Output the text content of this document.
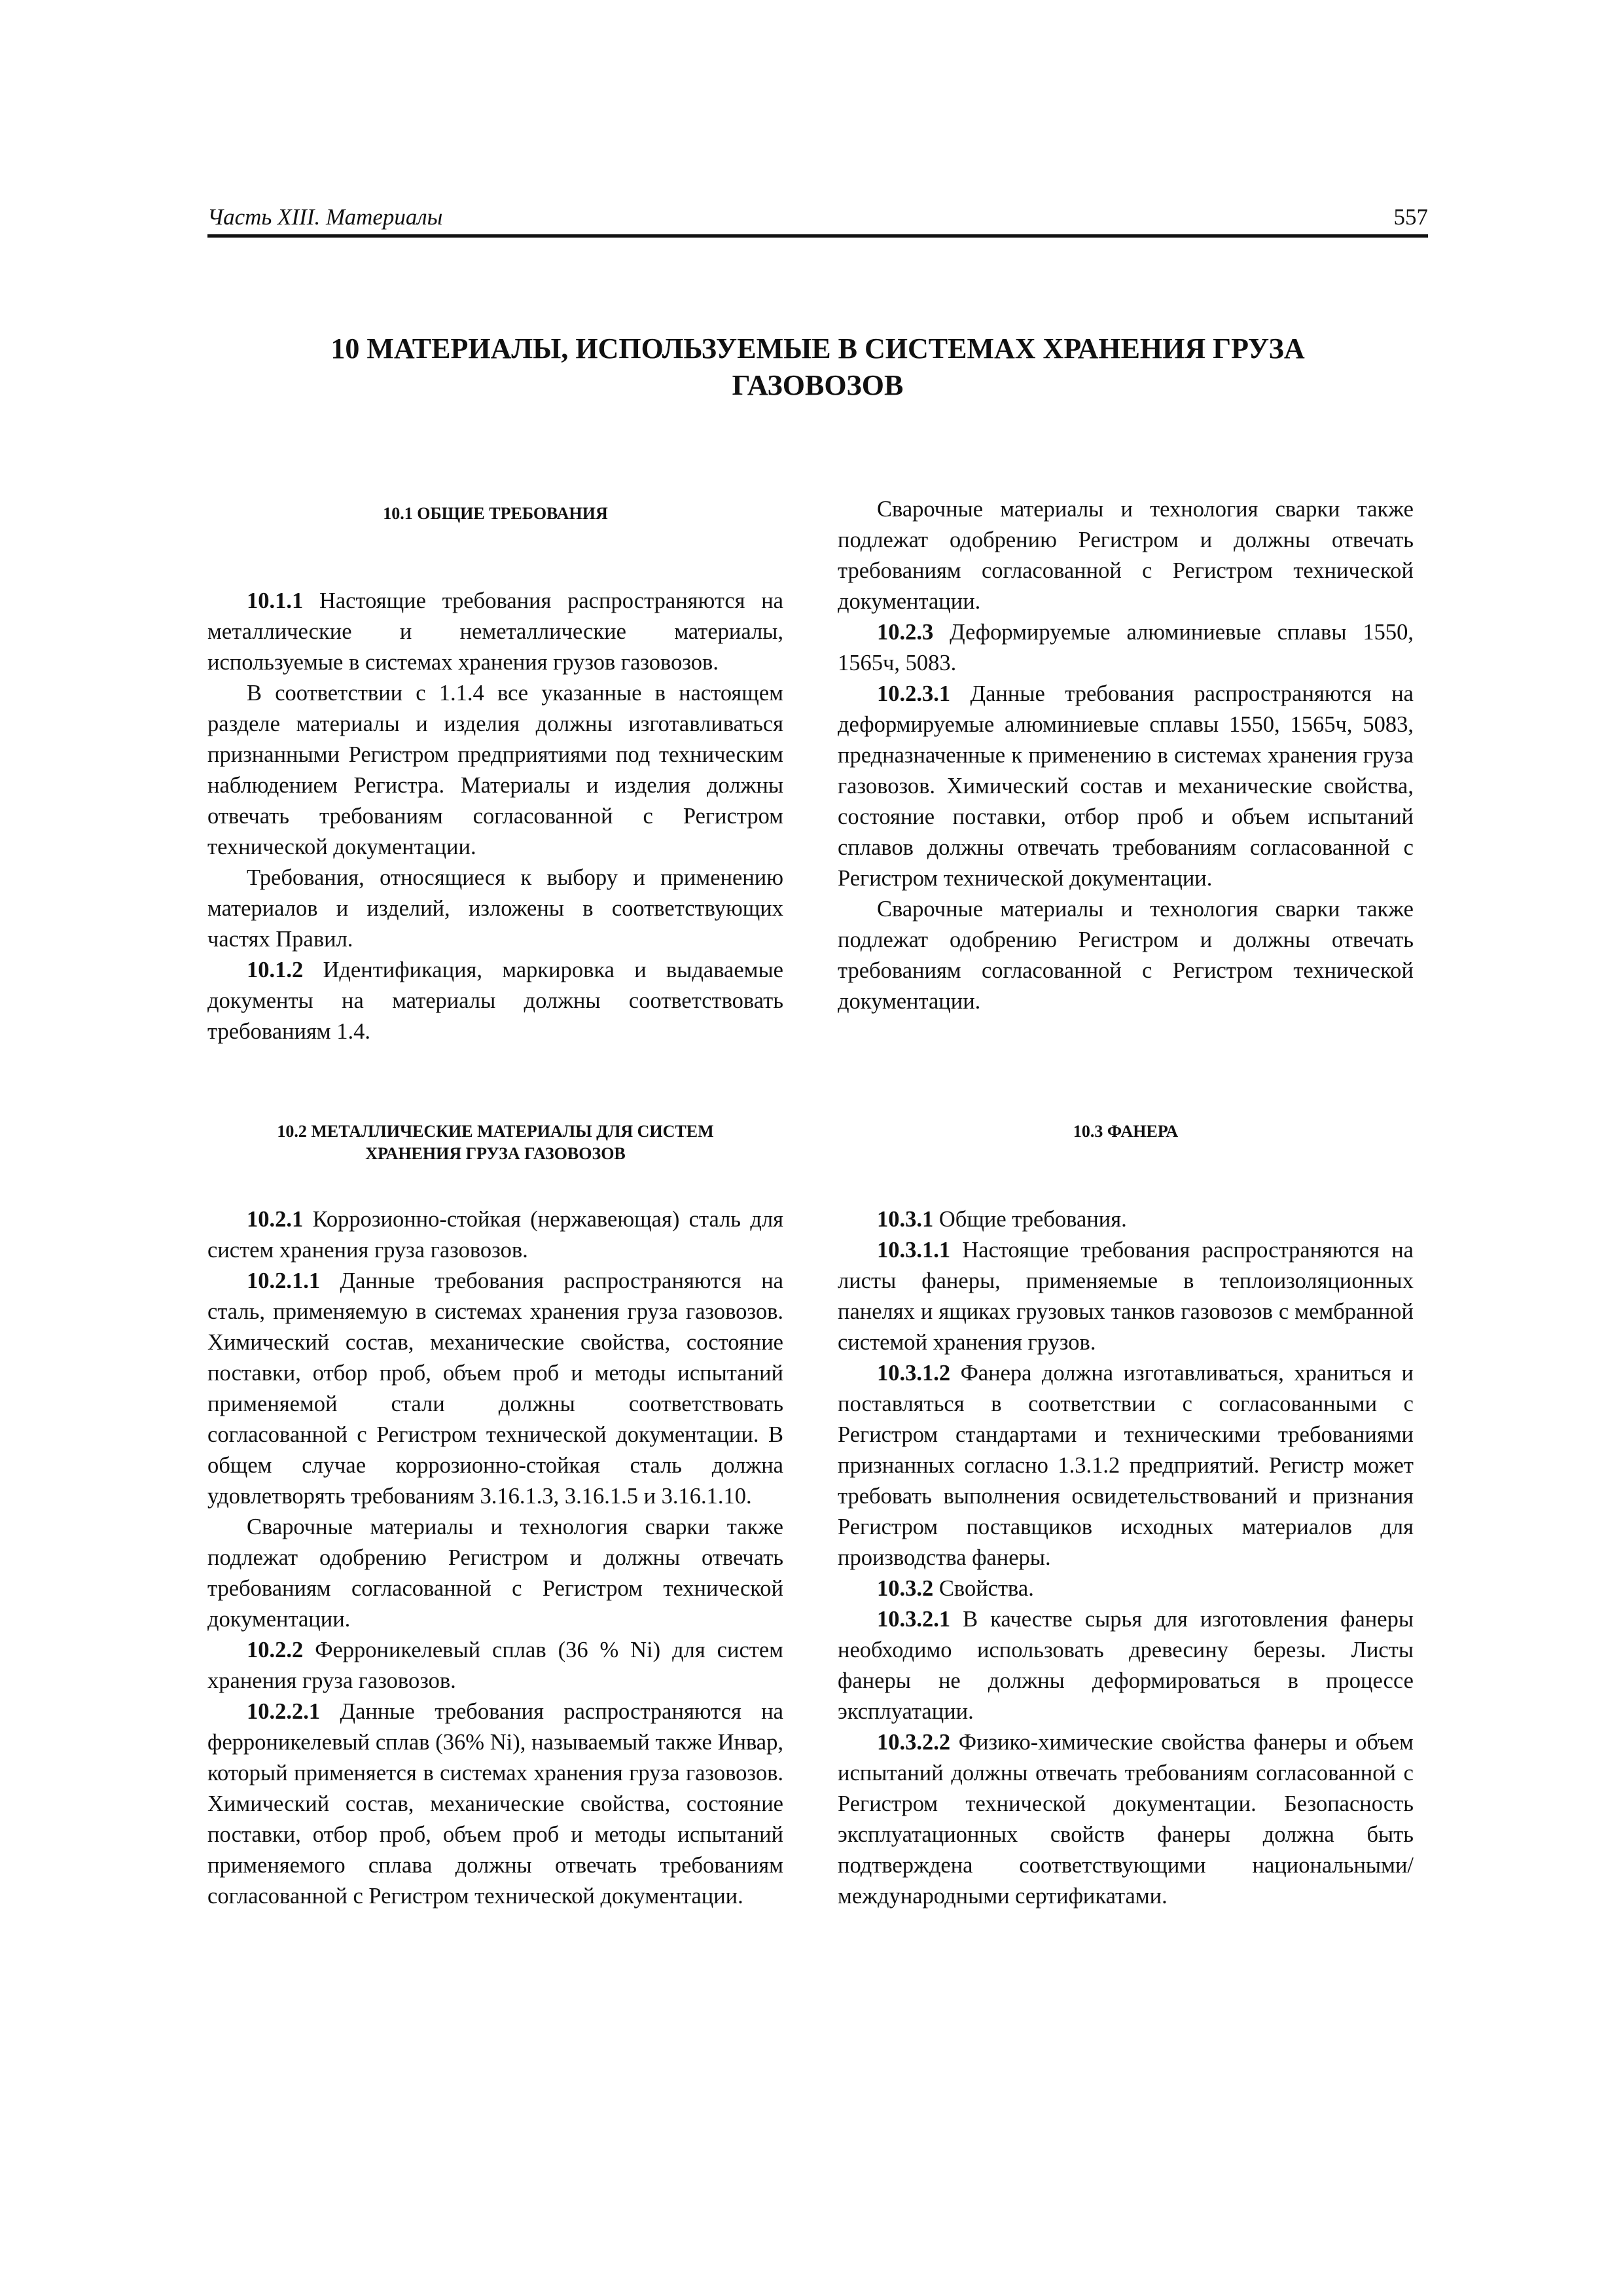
Часть XIII. Материалы	557
10 МАТЕРИАЛЫ, ИСПОЛЬЗУЕМЫЕ В СИСТЕМАХ ХРАНЕНИЯ ГРУЗА
ГАЗОВОЗОВ
10.1 ОБЩИЕ ТРЕБОВАНИЯ

10.1.1 Настоящие требования распространяются на металлические и неметаллические материалы, используемые в системах хранения грузов газовозов.

В соответствии с 1.1.4 все указанные в настоящем разделе материалы и изделия должны изготавливаться признанными Регистром предприятиями под техническим наблюдением Регистра. Материалы и изделия должны отвечать требованиям согласованной с Регистром технической документации.

Требования, относящиеся к выбору и применению материалов и изделий, изложены в соответствующих частях Правил.

10.1.2 Идентификация, маркировка и выдаваемые документы на материалы должны соответствовать требованиям 1.4.

10.2 МЕТАЛЛИЧЕСКИЕ МАТЕРИАЛЫ ДЛЯ СИСТЕМ
ХРАНЕНИЯ ГРУЗА ГАЗОВОЗОВ

10.2.1 Коррозионно-стойкая (нержавеющая) сталь для систем хранения груза газовозов.

10.2.1.1 Данные требования распространяются на сталь, применяемую в системах хранения груза газовозов. Химический состав, механические свойства, состояние поставки, отбор проб, объем проб и методы испытаний применяемой стали должны соответствовать согласованной с Регистром технической документации. В общем случае коррозионно-стойкая сталь должна удовлетворять требованиям 3.16.1.3, 3.16.1.5 и 3.16.1.10.

Сварочные материалы и технология сварки также подлежат одобрению Регистром и должны отвечать требованиям согласованной с Регистром технической документации.

10.2.2 Ферроникелевый сплав (36 % Ni) для систем хранения груза газовозов.

10.2.2.1 Данные требования распространяются на ферроникелевый сплав (36% Ni), называемый также Инвар, который применяется в системах хранения груза газовозов. Химический состав, механические свойства, состояние поставки, отбор проб, объем проб и методы испытаний применяемого сплава должны отвечать требованиям согласованной с Регистром технической документации.

Сварочные материалы и технология сварки также подлежат одобрению Регистром и должны отвечать требованиям согласованной с Регистром технической документации.

10.2.3 Деформируемые алюминиевые сплавы 1550, 1565ч, 5083.

10.2.3.1 Данные требования распространяются на деформируемые алюминиевые сплавы 1550, 1565ч, 5083, предназначенные к применению в системах хранения груза газовозов. Химический состав и механические свойства, состояние поставки, отбор проб и объем испытаний сплавов должны отвечать требованиям согласованной с Регистром технической документации.

Сварочные материалы и технология сварки также подлежат одобрению Регистром и должны отвечать требованиям согласованной с Регистром технической документации.

10.3 ФАНЕРА

10.3.1 Общие требования.

10.3.1.1 Настоящие требования распространяются на листы фанеры, применяемые в теплоизоляционных панелях и ящиках грузовых танков газовозов с мембранной системой хранения грузов.

10.3.1.2 Фанера должна изготавливаться, храниться и поставляться в соответствии с согласованными с Регистром стандартами и техническими требованиями признанных согласно 1.3.1.2 предприятий. Регистр может требовать выполнения освидетельствований и признания Регистром поставщиков исходных материалов для производства фанеры.

10.3.2 Свойства.

10.3.2.1 В качестве сырья для изготовления фанеры необходимо использовать древесину березы. Листы фанеры не должны деформироваться в процессе эксплуатации.

10.3.2.2 Физико-химические свойства фанеры и объем испытаний должны отвечать требованиям согласованной с Регистром технической документации. Безопасность эксплуатационных свойств фанеры должна быть подтверждена соответствующими национальными/международными сертификатами.
